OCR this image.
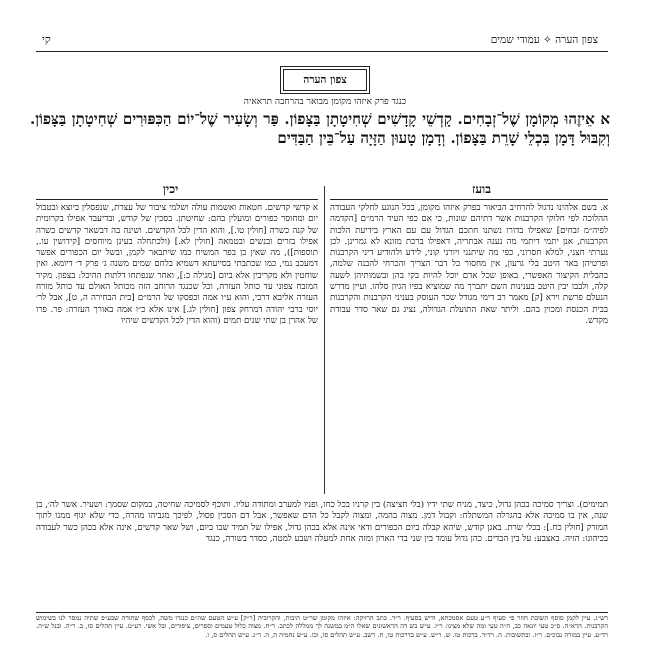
צפון הערה ✧ עמודי שמים
קי
צפון הערה
כנגד פרק איזהו מקומן מבואר בהרחבה תראאיה
א אֵיזֶהוּ מְקוֹמָן שֶׁל־זְבָחִים. קָדְשֵׁי קָדָשִׁים שְׁחִיטָתָן בַּצָּפוֹן. פַּר וְשָׂעִיר שֶׁל־יוֹם הַכִּפּוּרִים שְׁחִיטָתָן בַּצָּפוֹן. וְקִבּוּל דָּמָן בִּכְלֵי שָׁרֵת בַּצָּפוֹן. וְדָמָן טָעוּן הַזָּיָה עַל־בֵּין הַבַּדִּים
בועז
יכין

א. בשם אלהינו נדגול להרחיב הביאור בפרק איזהו מקומן, בכל הנוגע לחלקי העבודה ההלוכה לפי חלוקי הקרבנות אשר דתיהם שונות, כי אם כפי העיד הרמ״ם [הקדמה לפיה״מ זבחים] שאפילו בדורו נשתנו חתכם הגדול עם עם הארץ בידיעת הלכות הקרבנות, אנן יתמי דיתמי מה נענה אבתריה, דאפילו ברכת מזונא לא גמרינן. לכן נערתי חצני, למלא חסרוני, כפי מה שיתנני ויורני קוני, לידע ולהודיע דיני הקרבנות ופרטיהן באר היטב בלי גרעון, אין מחסור כל דבר הצריך והכרחי להבנה שלמה, בהבלית הקיצור האפשרי, באופן שכל אדם יוכל להיות בקי בהן ובשמותיהן לשעה קלה, ולבבו יבין היטב בענינות השם יתברך מה שמוציא בפיו הגיון סלהו. ועיין מדרש הנעלם פרשת וירא [ק] מאמר רב דימי מגודל שכר העוסק בעניני הקרבנות והקרבנות בבית הכנסת ומכוין בהם. וליתר שאת התועלת הגדולה, נציג גם שאר סדר עבודת מקדש.

א קדשי קדשים. חטאות ואשמות עולה ושלמי ציבור של עצרת, שנפסלין ביוצא ובטבול יום ומחוסר כפורים ומועלין בהם: שחיטתן. בסכין של קודש, ובדיעבד אפילו בקרומית של קנה כשרה [חולין טו.], והוא הדין לכל הקדשים. ושינה בה דבשאר קדשים כשרה אפילו בזרים ובנשים ובטמאה [חולין לא.] (ולכתחלה בעינן מיוחסים [קידושין עו., תוספות]), מה שאין כן בפר המשיח כמו שיתבאר לקמן, ובשל יום הכפורים אפשר דמעכב נמי, כמו שכתבתי בסייעתא דשמיא בלחם שמים משנה ג׳ פרק ד׳ דיומא. ואין שוחטין ולא מקריבין אלא ביום [מגילה כ:], ואחר שנפתחו דלתות ההיכל: בצפון. מקיר המזבח צפוני עד כותל העזרה, וכל שכנגד הרוחב הזה מכותל האולם עד כותל מזרח העזרה אליבא דרבי, והוא ע״ו אמה וכפסקו של הרמ״ם [בית הבחירה ה, ט], אבל לר׳ יוסי ברבי יהודה דמרחק צפון [חולין לג.] אינו אלא כ״ו אמה באורך העזרה: פר. פרו של אהרן בן שתי שנים תמים (והוא הדין לכל הקדשים שיהיו

תמימים). וצריך סמיכה בכהן גדול, כיצד, מניח שתי ידיו (בלי חציצה) בין קרניו בכל כחו, ופניו למערב ומתודה עליו. ותוכף לסמיכה שחיטה, במקום שסמך: ושעיר. אשר לה׳, בן שנה, אין בו סמיכה אלא בהגרלה המשתלח: וקבול דמן. מצוה בהמה, ומצוה לקבל כל הדם שאפשר, אבל דם הסכין פסול, לפיכך מגביהו מהרה, כדי שלא יגוף ממנו לתוך המזרק [חולין כח.]: בכלי שרת. באגן קודש, שיהא קבלה ביום הכפורים ודאי אינה אלא בכהן גדול, אפילו של תמיד שבו ביום, ושל שאר קדשים, אינה אלא בכהן כשר לעבודה בכיהונו: הזיה. באצבע: על בין הבדים. כהן גדול עומד בין שני בדי הארון ומזה אחת למעלה ושבע למטה, כסדר בשורה, כנגד
רש״ג. עיין לקמן סוסף תשובת חוזר פ״ סעיף ר״ע טעם אסמכתא, ודיש בסעיף. ר״ד. כתב הרזיקה: איזהו מקומן שר״ט תיבות, והקרוביה [ר״ק] ע״ש הטעם שה״ם כנגדו משה, לכסף שתורה שבע״פ שתיה נמסר לנו בשימוש הקרבנות. הרא״ה. ס״כ טעי יונאה כב, ה״ה טעי ומה שלא מצינו: ר״ז. ע״ש בש דה הראשונים שאלו ה״מ במשנה לך ממללה לכתב. ר״ח. מצוה כלול טעמים וספרים, ציפורים, ובל אשי. רע״ט. עיין תהלים סז, ב. ר״ה. ובנל ש״ה. רד״ע. עיין במורה נבוכים. ר״ז. ובתשובות. ה. רד״ד. ברכות טו. ש. ר״ש. ע״ש בדרכות טו, ח. רשב. ע״ש תהלים סז, וכו. ע״ש נחמיה ה, ה. ר״ג. ע״ש תהלים ס, ו.
